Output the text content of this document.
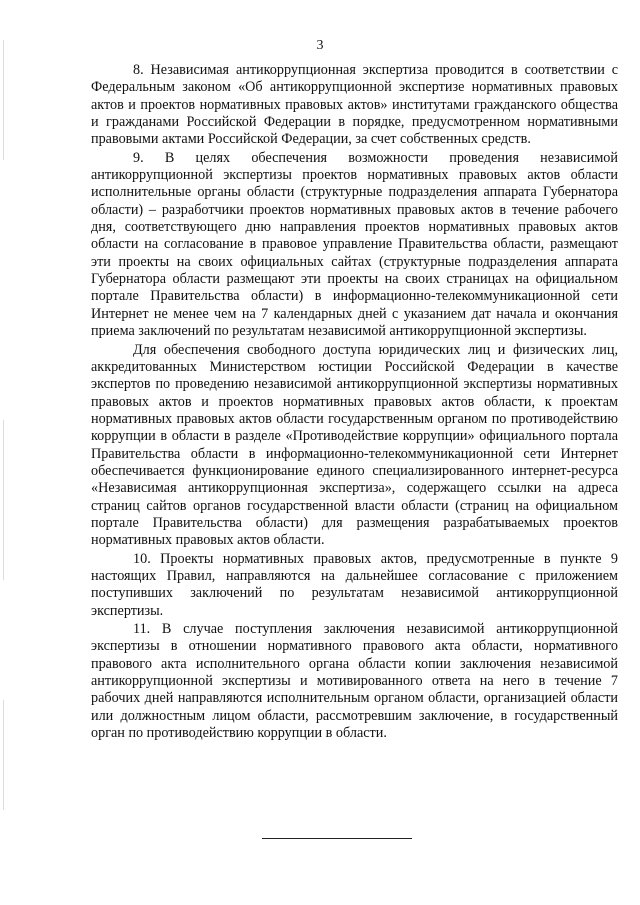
3

8. Независимая антикоррупционная экспертиза проводится в соответствии с Федеральным законом «Об антикоррупционной экспертизе нормативных правовых актов и проектов нормативных правовых актов» институтами гражданского общества и гражданами Российской Федерации в порядке, предусмотренном нормативными правовыми актами Российской Федерации, за счет собственных средств.

9. В целях обеспечения возможности проведения независимой антикоррупционной экспертизы проектов нормативных правовых актов области исполнительные органы области (структурные подразделения аппарата Губернатора области) – разработчики проектов нормативных правовых актов в течение рабочего дня, соответствующего дню направления проектов нормативных правовых актов области на согласование в правовое управление Правительства области, размещают эти проекты на своих официальных сайтах (структурные подразделения аппарата Губернатора области размещают эти проекты на своих страницах на официальном портале Правительства области) в информационно-телекоммуникационной сети Интернет не менее чем на 7 календарных дней с указанием дат начала и окончания приема заключений по результатам независимой антикоррупционной экспертизы.

Для обеспечения свободного доступа юридических лиц и физических лиц, аккредитованных Министерством юстиции Российской Федерации в качестве экспертов по проведению независимой антикоррупционной экспертизы нормативных правовых актов и проектов нормативных правовых актов области, к проектам нормативных правовых актов области государственным органом по противодействию коррупции в области в разделе «Противодействие коррупции» официального портала Правительства области в информационно-телекоммуникационной сети Интернет обеспечивается функционирование единого специализированного интернет-ресурса «Независимая антикоррупционная экспертиза», содержащего ссылки на адреса страниц сайтов органов государственной власти области (страниц на официальном портале Правительства области) для размещения разрабатываемых проектов нормативных правовых актов области.

10. Проекты нормативных правовых актов, предусмотренные в пункте 9 настоящих Правил, направляются на дальнейшее согласование с приложением поступивших заключений по результатам независимой антикоррупционной экспертизы.

11. В случае поступления заключения независимой антикоррупционной экспертизы в отношении нормативного правового акта области, нормативного правового акта исполнительного органа области копии заключения независимой антикоррупционной экспертизы и мотивированного ответа на него в течение 7 рабочих дней направляются исполнительным органом области, организацией области или должностным лицом области, рассмотревшим заключение, в государственный орган по противодействию коррупции в области.
